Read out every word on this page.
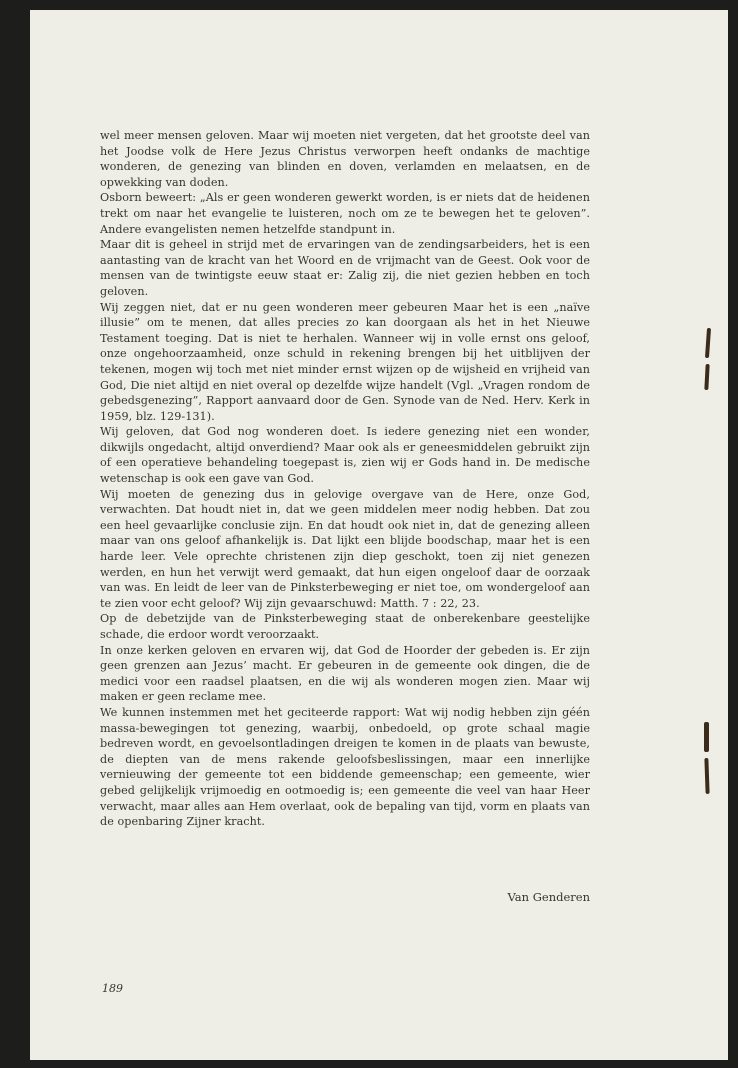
wel meer mensen geloven. Maar wij moeten niet vergeten, dat het grootste deel van het Joodse volk de Here Jezus Christus verworpen heeft ondanks de machtige wonderen, de genezing van blinden en doven, verlamden en melaatsen, en de opwekking van doden.

Osborn beweert: „Als er geen wonderen gewerkt worden, is er niets dat de heidenen trekt om naar het evangelie te luisteren, noch om ze te bewegen het te geloven”. Andere evangelisten nemen hetzelfde standpunt in.

Maar dit is geheel in strijd met de ervaringen van de zendingsarbeiders, het is een aantasting van de kracht van het Woord en de vrijmacht van de Geest. Ook voor de mensen van de twintigste eeuw staat er: Zalig zij, die niet gezien hebben en toch geloven.

Wij zeggen niet, dat er nu geen wonderen meer gebeuren Maar het is een „naïve illusie” om te menen, dat alles precies zo kan doorgaan als het in het Nieuwe Testament toeging. Dat is niet te herhalen. Wanneer wij in volle ernst ons geloof, onze ongehoorzaamheid, onze schuld in rekening brengen bij het uitblijven der tekenen, mogen wij toch met niet minder ernst wijzen op de wijsheid en vrijheid van God, Die niet altijd en niet overal op dezelfde wijze handelt (Vgl. „Vragen rondom de gebedsgenezing”, Rapport aanvaard door de Gen. Synode van de Ned. Herv. Kerk in 1959, blz. 129-131).

Wij geloven, dat God nog wonderen doet. Is iedere genezing niet een wonder, dikwijls ongedacht, altijd onverdiend? Maar ook als er geneesmiddelen gebruikt zijn of een operatieve behandeling toegepast is, zien wij er Gods hand in. De medische wetenschap is ook een gave van God.

Wij moeten de genezing dus in gelovige overgave van de Here, onze God, verwachten. Dat houdt niet in, dat we geen middelen meer nodig hebben. Dat zou een heel gevaarlijke conclusie zijn. En dat houdt ook niet in, dat de genezing alleen maar van ons geloof afhankelijk is. Dat lijkt een blijde boodschap, maar het is een harde leer. Vele oprechte christenen zijn diep geschokt, toen zij niet genezen werden, en hun het verwijt werd gemaakt, dat hun eigen ongeloof daar de oorzaak van was. En leidt de leer van de Pinksterbeweging er niet toe, om wondergeloof aan te zien voor echt geloof? Wij zijn gevaarschuwd: Matth. 7 : 22, 23.

Op de debetzijde van de Pinksterbeweging staat de onberekenbare geestelijke schade, die erdoor wordt veroorzaakt.

In onze kerken geloven en ervaren wij, dat God de Hoorder der gebeden is. Er zijn geen grenzen aan Jezus’ macht. Er gebeuren in de gemeente ook dingen, die de medici voor een raadsel plaatsen, en die wij als wonderen mogen zien. Maar wij maken er geen reclame mee.

We kunnen instemmen met het geciteerde rapport: Wat wij nodig hebben zijn géén massa-bewegingen tot genezing, waarbij, onbedoeld, op grote schaal magie bedreven wordt, en gevoelsontladingen dreigen te komen in de plaats van bewuste, de diepten van de mens rakende geloofsbeslissingen, maar een innerlijke vernieuwing der gemeente tot een biddende gemeenschap; een gemeente, wier gebed gelijkelijk vrijmoedig en ootmoedig is; een gemeente die veel van haar Heer verwacht, maar alles aan Hem overlaat, ook de bepaling van tijd, vorm en plaats van de openbaring Zijner kracht.

Van Genderen
189
